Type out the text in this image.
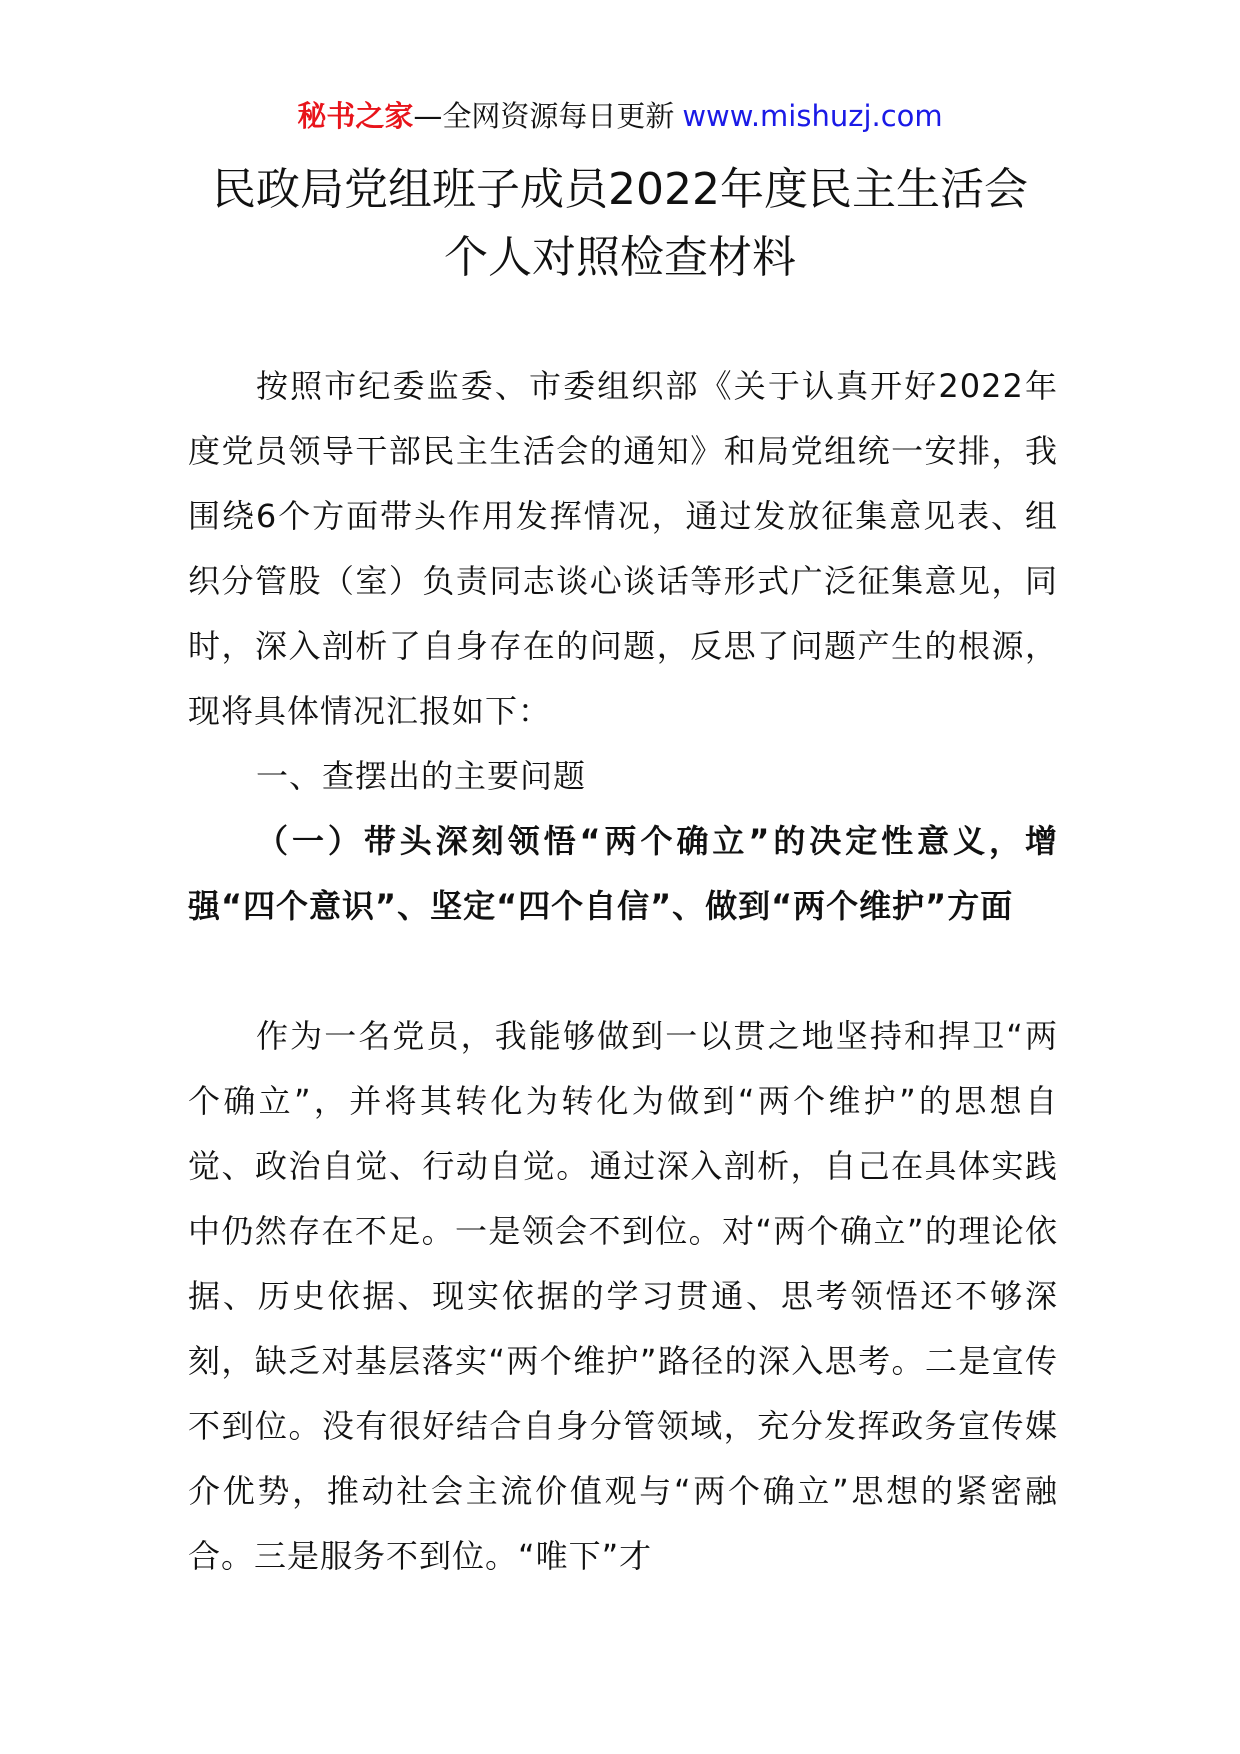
秘书之家—全网资源每日更新 www.mishuzj.com
民政局党组班子成员2022年度民主生活会
个人对照检查材料

按照市纪委监委、市委组织部《关于认真开好2022年度党员领导干部民主生活会的通知》和局党组统一安排，我围绕6个方面带头作用发挥情况，通过发放征集意见表、组织分管股（室）负责同志谈心谈话等形式广泛征集意见，同时，深入剖析了自身存在的问题，反思了问题产生的根源，现将具体情况汇报如下：

一、查摆出的主要问题

（一）带头深刻领悟“两个确立”的决定性意义，增强“四个意识”、坚定“四个自信”、做到“两个维护”方面

作为一名党员，我能够做到一以贯之地坚持和捍卫“两个确立”，并将其转化为转化为做到“两个维护”的思想自觉、政治自觉、行动自觉。通过深入剖析，自己在具体实践中仍然存在不足。一是领会不到位。对“两个确立”的理论依据、历史依据、现实依据的学习贯通、思考领悟还不够深刻，缺乏对基层落实“两个维护”路径的深入思考。二是宣传不到位。没有很好结合自身分管领域，充分发挥政务宣传媒介优势，推动社会主流价值观与“两个确立”思想的紧密融合。三是服务不到位。“唯下”才
